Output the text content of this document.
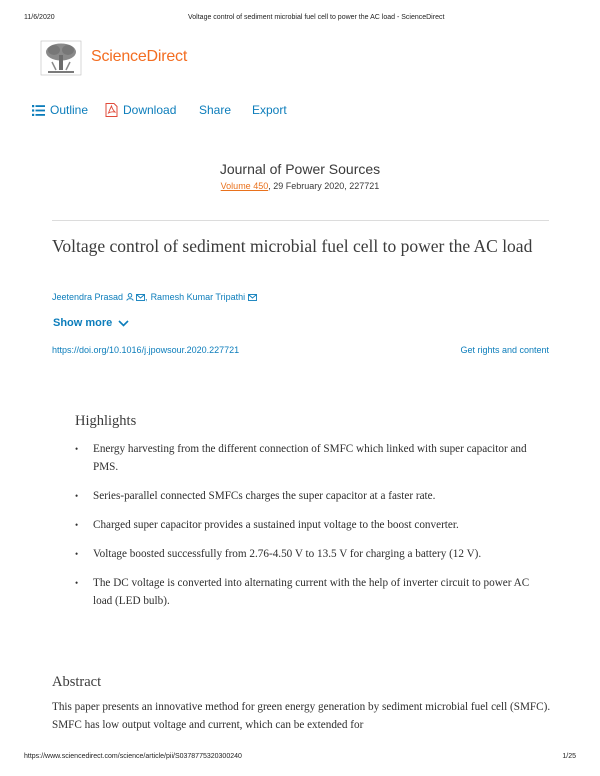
11/6/2020	Voltage control of sediment microbial fuel cell to power the AC load - ScienceDirect
ScienceDirect
Outline	Download Share Export
Journal of Power Sources
Volume 450, 29 February 2020, 227721
Voltage control of sediment microbial fuel cell to power the AC load
Jeetendra Prasad , Ramesh Kumar Tripathi
Show more
https://doi.org/10.1016/j.jpowsour.2020.227721	Get rights and content
Highlights
• Energy harvesting from the different connection of SMFC which linked with super capacitor and PMS.
• Series-parallel connected SMFCs charges the super capacitor at a faster rate.
• Charged super capacitor provides a sustained input voltage to the boost converter.
• Voltage boosted successfully from 2.76-4.50 V to 13.5 V for charging a battery (12 V).
• The DC voltage is converted into alternating current with the help of inverter circuit to power AC load (LED bulb).
Abstract
This paper presents an innovative method for green energy generation by sediment microbial fuel cell (SMFC). SMFC has low output voltage and current, which can be extended for
https://www.sciencedirect.com/science/article/pii/S0378775320300240	1/25
